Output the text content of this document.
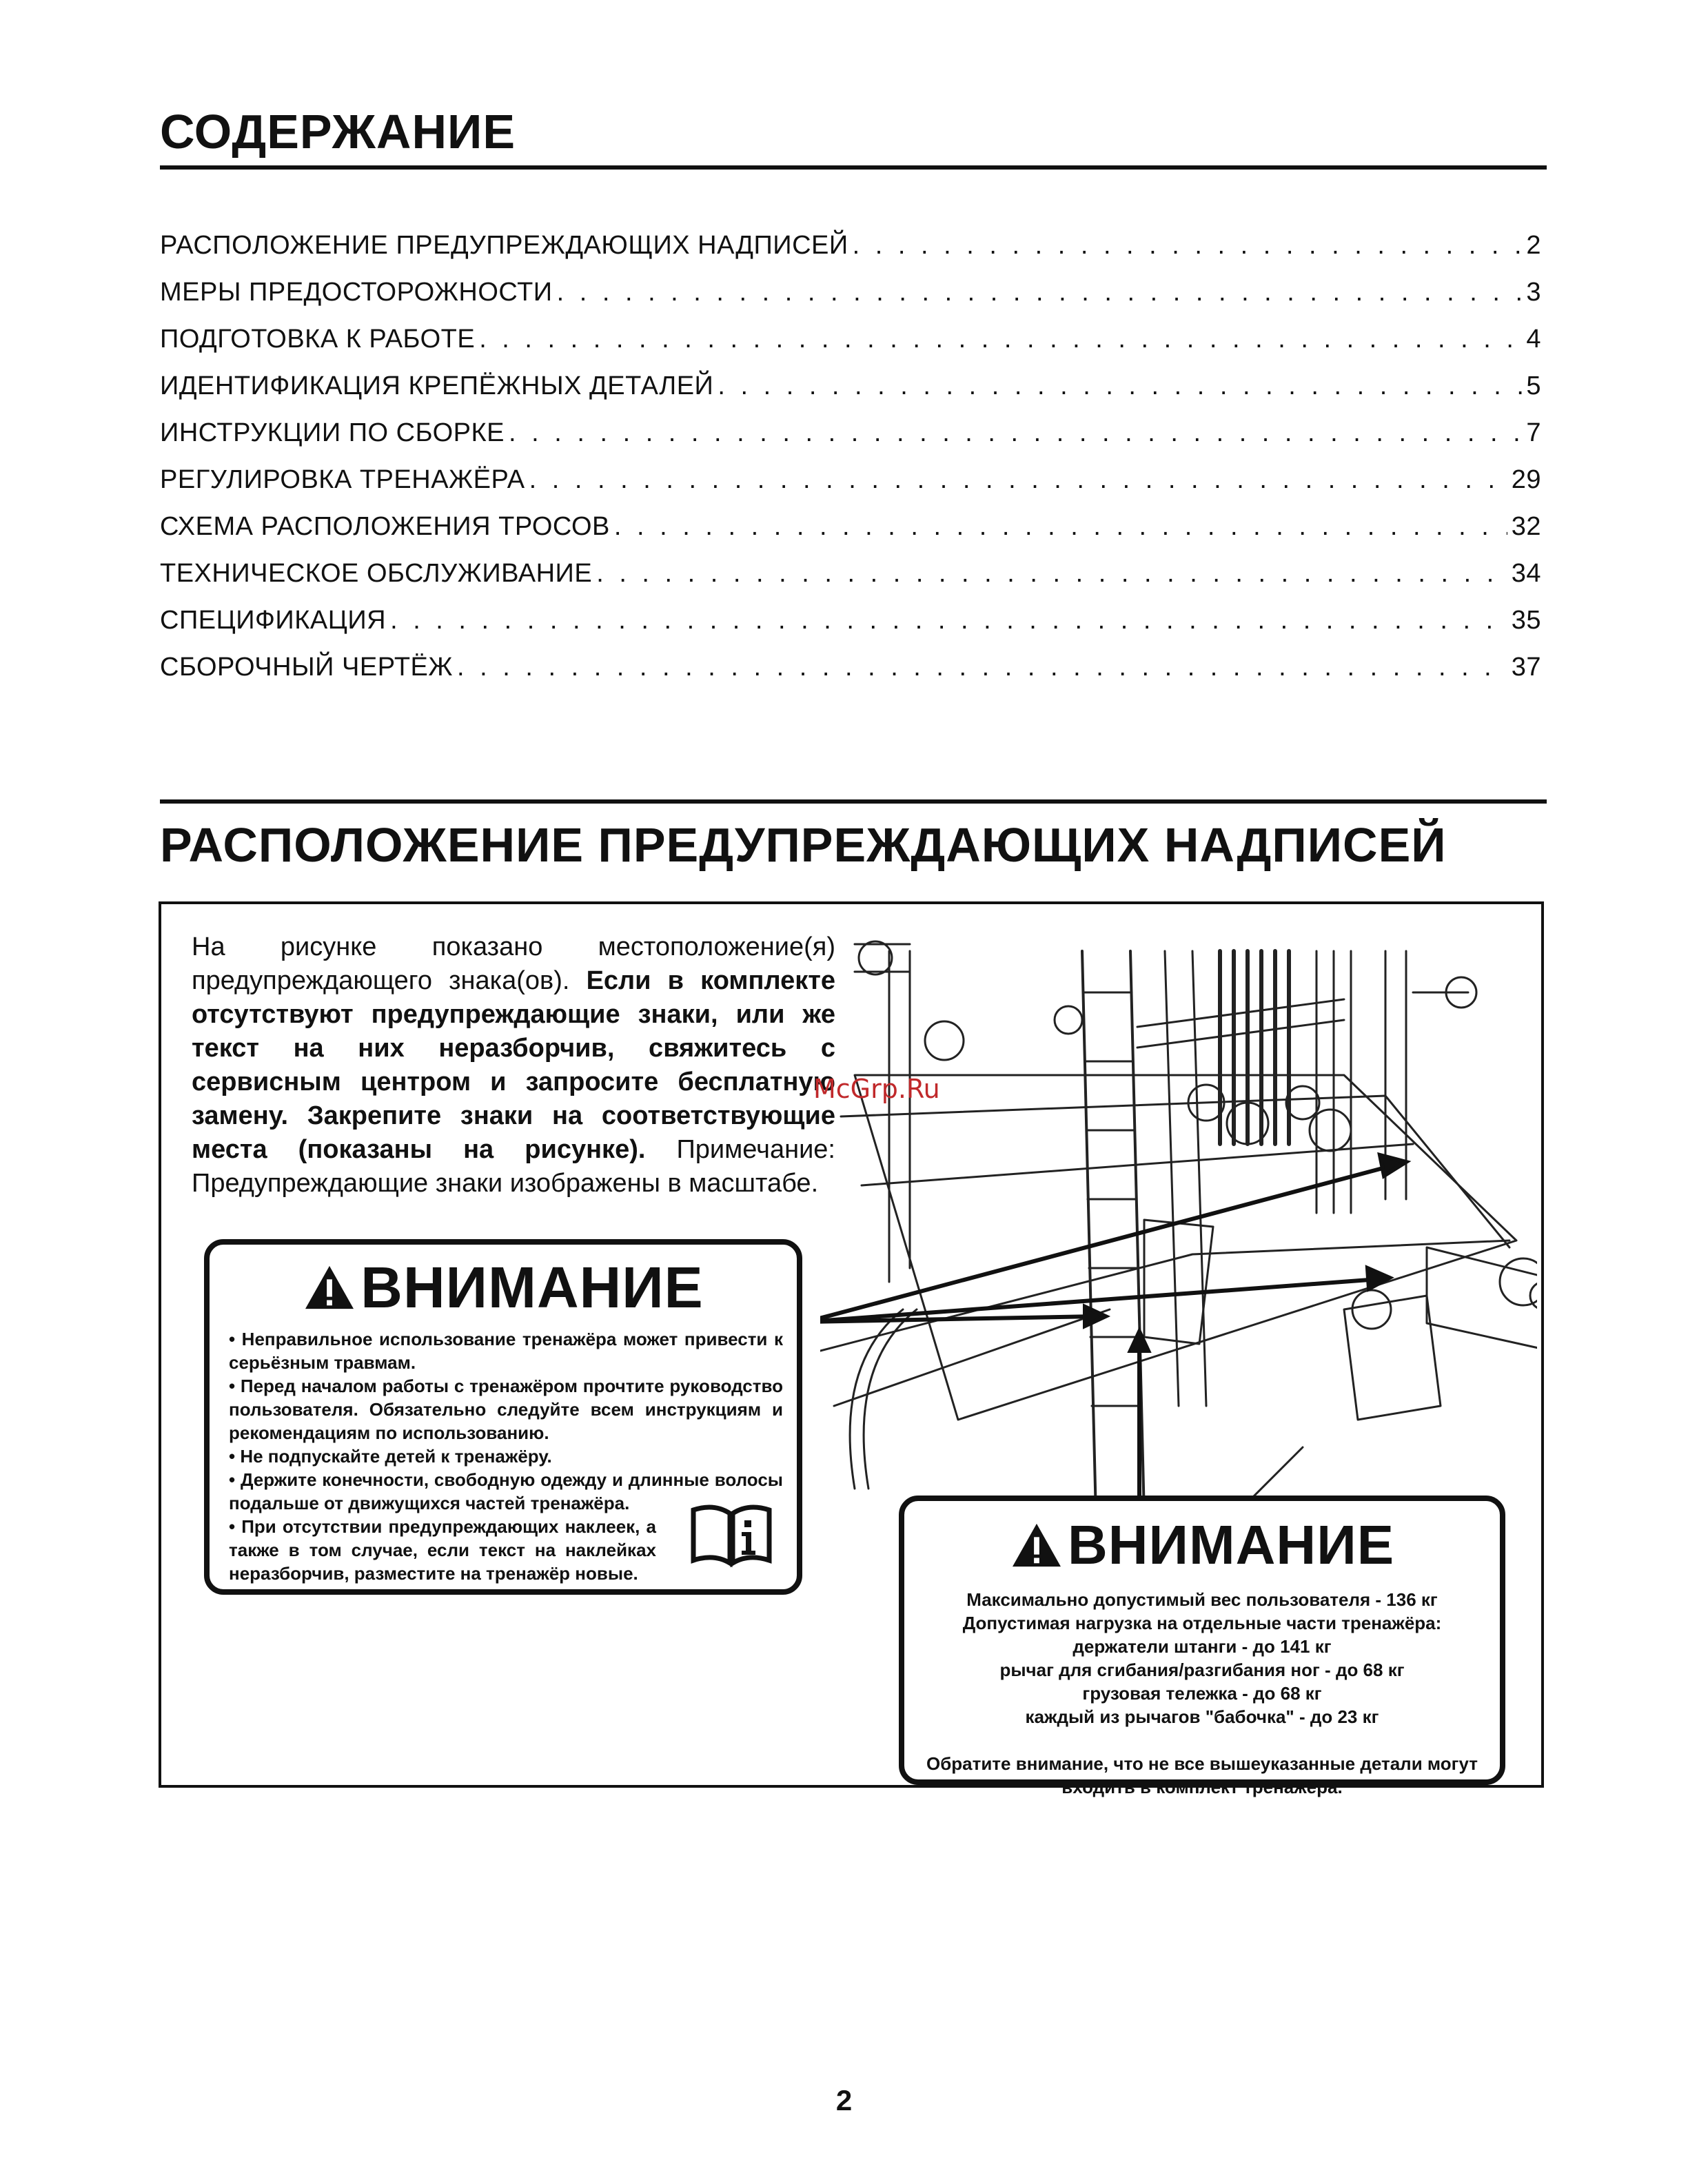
СОДЕРЖАНИЕ
РАСПОЛОЖЕНИЕ ПРЕДУПРЕЖДАЮЩИХ НАДПИСЕЙ . . .	2
МЕРЫ ПРЕДОСТОРОЖНОСТИ . . .	3
ПОДГОТОВКА К РАБОТЕ . . .	4
ИДЕНТИФИКАЦИЯ КРЕПЁЖНЫХ ДЕТАЛЕЙ . . .	5
ИНСТРУКЦИИ ПО СБОРКЕ . . .	7
РЕГУЛИРОВКА ТРЕНАЖЁРА . . .	29
СХЕМА РАСПОЛОЖЕНИЯ ТРОСОВ . . .	32
ТЕХНИЧЕСКОЕ ОБСЛУЖИВАНИЕ . . .	34
СПЕЦИФИКАЦИЯ . . .	35
СБОРОЧНЫЙ ЧЕРТЁЖ . . .	37
РАСПОЛОЖЕНИЕ ПРЕДУПРЕЖДАЮЩИХ НАДПИСЕЙ

На рисунке показано местоположение(я) предупреждающего знака(ов). Если в комплекте отсутствуют предупреждающие знаки, или же текст на них неразборчив, свяжитесь с сервисным центром и запросите бесплатную замену. Закрепите знаки на соответствующие места (показаны на рисунке). Примечание: Предупреждающие знаки изображены в масштабе.

McGrp.Ru
ВНИМАНИЕ

• Неправильное использование тренажёра может привести к серьёзным травмам.

• Перед началом работы с тренажёром прочтите руководство пользователя. Обязательно следуйте всем инструкциям и рекомендациям по использованию.

• Не подпускайте детей к тренажёру.

• Держите конечности, свободную одежду и длинные волосы подальше от движущихся частей тренажёра.

• При отсутствии предупреждающих наклеек, а также в том случае, если текст на наклейках неразборчив, разместите на тренажёр новые.	ВНИМАНИЕ

Максимально допустимый вес пользователя - 136 кг

Допустимая нагрузка на отдельные части тренажёра:

держатели штанги - до 141 кг

рычаг для сгибания/разгибания ног - до 68 кг

грузовая тележка - до 68 кг

каждый из рычагов "бабочка" - до 23 кг

Обратите внимание, что не все вышеуказанные детали могут входить в комплект тренажёра.

2
